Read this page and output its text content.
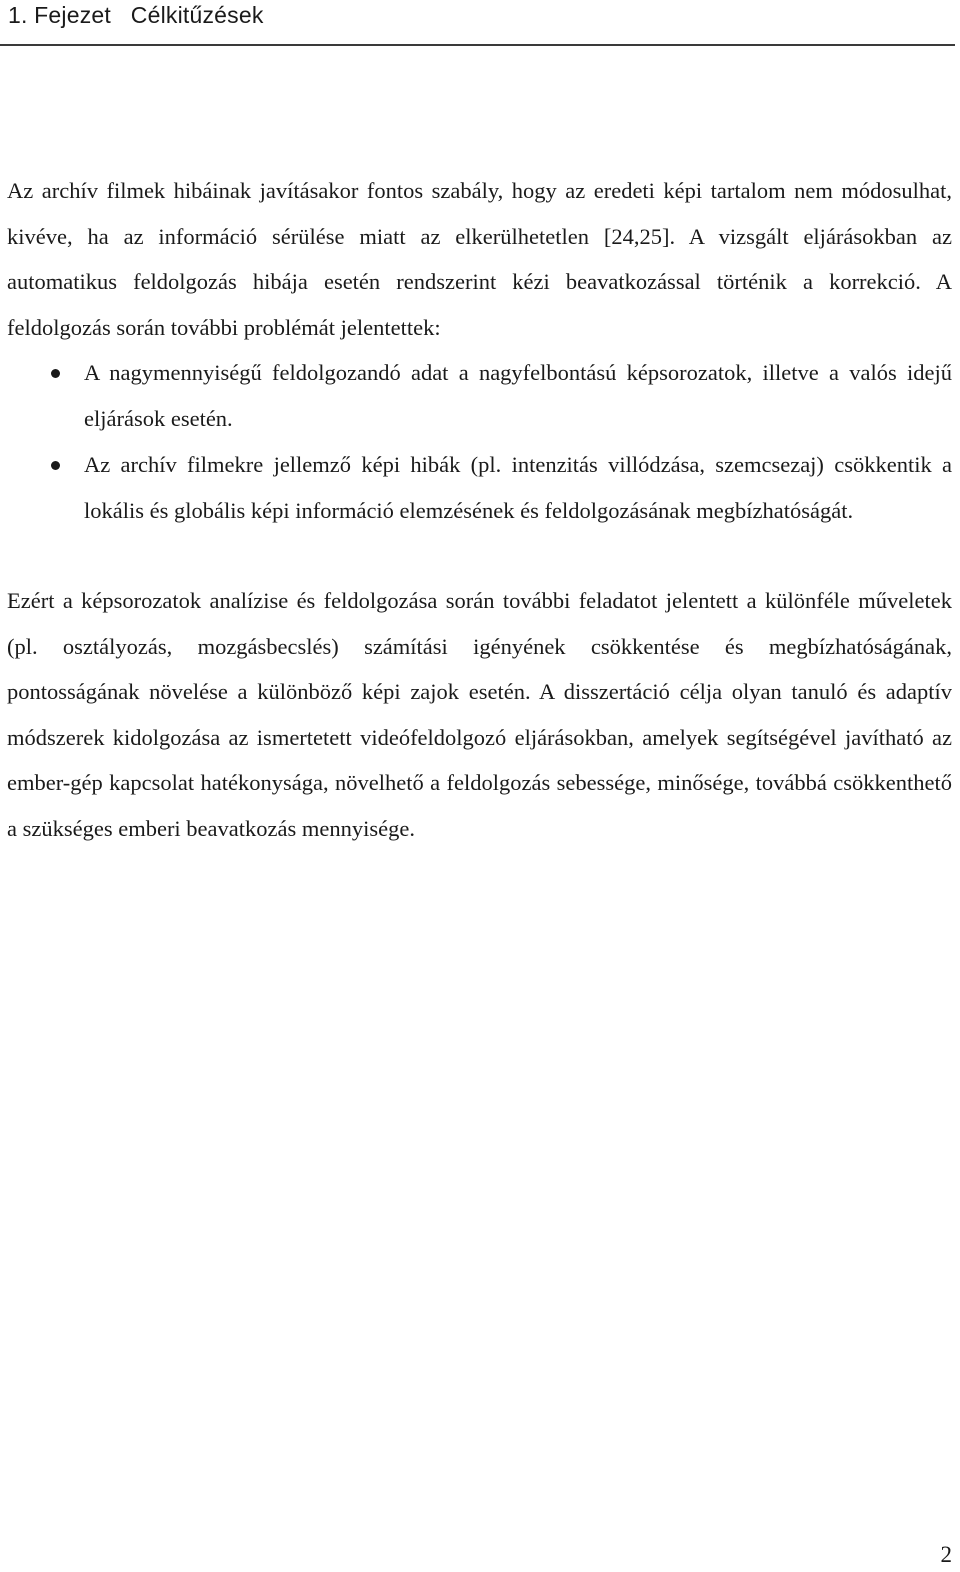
1. Fejezet   Célkitűzések

Az archív filmek hibáinak javításakor fontos szabály, hogy az eredeti képi tartalom nem módosulhat, kivéve, ha az információ sérülése miatt az elkerülhetetlen [24,25]. A vizsgált eljárásokban az automatikus feldolgozás hibája esetén rendszerint kézi beavatkozással történik a korrekció. A feldolgozás során további problémát jelentettek:

A nagymennyiségű feldolgozandó adat a nagyfelbontású képsorozatok, illetve a valós idejű eljárások esetén.
Az archív filmekre jellemző képi hibák (pl. intenzitás villódzása, szemcsezaj) csökkentik a lokális és globális képi információ elemzésének és feldolgozásának megbízhatóságát.

Ezért a képsorozatok analízise és feldolgozása során további feladatot jelentett a különféle műveletek (pl. osztályozás, mozgásbecslés) számítási igényének csökkentése és megbízhatóságának, pontosságának növelése a különböző képi zajok esetén. A disszertáció célja olyan tanuló és adaptív módszerek kidolgozása az ismertetett videófeldolgozó eljárásokban, amelyek segítségével javítható az ember-gép kapcsolat hatékonysága, növelhető a feldolgozás sebessége, minősége, továbbá csökkenthető a szükséges emberi beavatkozás mennyisége.

2
